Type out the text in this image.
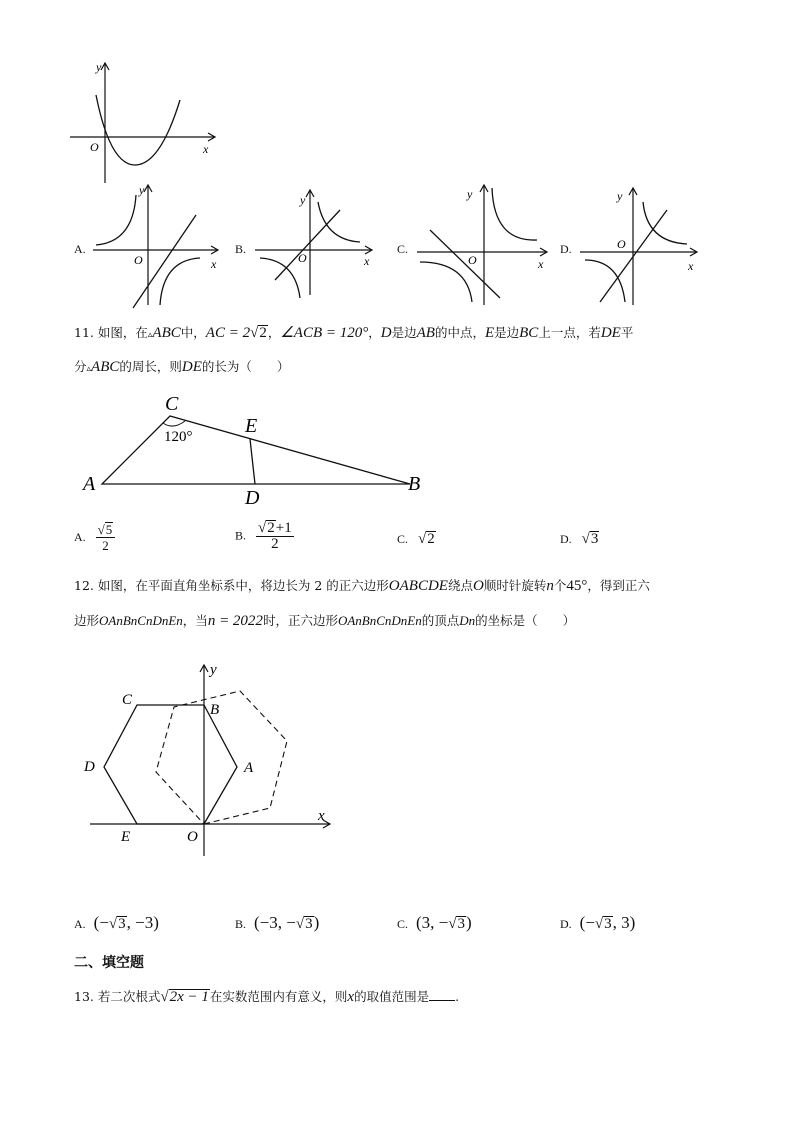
y
O	x
A.
y
O	x
B.
y
O	x
C.
y
O	x
D.
y
O
x
11. 如图，在▵ABC中，AC = 2√2，∠ACB = 120°，D是边AB的中点，E是边BC上一点，若DE平
分▵ABC的周长，则DE的长为（　　）
C
120°	E
A
D
B
A. $\frac{√5}{2}$	B. $\frac{√2+1}{2}$	C. √2	D. √3
12. 如图，在平面直角坐标系中，将边长为 2 的正六边形OABCDE绕点O顺时针旋转n个45°，得到正六
边形OAnBnCnDnEn，当n = 2022时，正六边形OAnBnCnDnEn的顶点Dn的坐标是（　　）
y
x
C
B
D	A
E	O
A. (−√3, −3)	B. (−3, −√3)	C. (3, −√3)	D. (−√3, 3)
二、填空题
13. 若二次根式√2x − 1在实数范围内有意义，则x的取值范围是 .
